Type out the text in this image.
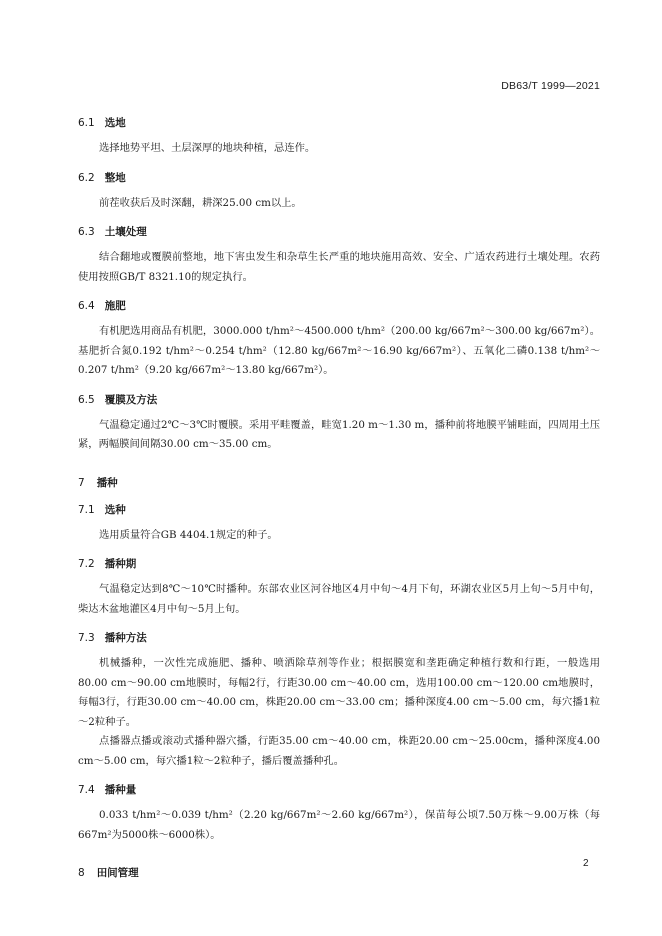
DB63/T 1999—2021
6.1 选地

选择地势平坦、土层深厚的地块种植，忌连作。

6.2 整地

前茬收获后及时深翻，耕深25.00 cm以上。

6.3 土壤处理

结合翻地或覆膜前整地，地下害虫发生和杂草生长严重的地块施用高效、安全、广适农药进行土壤处理。农药使用按照GB/T 8321.10的规定执行。

6.4 施肥

有机肥选用商品有机肥，3000.000 t/hm²～4500.000 t/hm²（200.00 kg/667m²～300.00 kg/667m²）。基肥折合氮0.192 t/hm²～0.254 t/hm²（12.80 kg/667m²～16.90 kg/667m²）、五氧化二磷0.138 t/hm²～0.207 t/hm²（9.20 kg/667m²～13.80 kg/667m²）。

6.5 覆膜及方法

气温稳定通过2℃～3℃时覆膜。采用平畦覆盖，畦宽1.20 m～1.30 m，播种前将地膜平铺畦面，四周用土压紧，两幅膜间间隔30.00 cm～35.00 cm。

7 播种
7.1 选种

选用质量符合GB 4404.1规定的种子。

7.2 播种期

气温稳定达到8℃～10℃时播种。东部农业区河谷地区4月中旬～4月下旬，环湖农业区5月上旬～5月中旬，柴达木盆地灌区4月中旬～5月上旬。

7.3 播种方法

机械播种，一次性完成施肥、播种、喷洒除草剂等作业；根据膜宽和垄距确定种植行数和行距，一般选用80.00 cm～90.00 cm地膜时，每幅2行，行距30.00 cm～40.00 cm，选用100.00 cm～120.00 cm地膜时，每幅3行，行距30.00 cm～40.00 cm，株距20.00 cm～33.00 cm；播种深度4.00 cm～5.00 cm，每穴播1粒～2粒种子。

点播器点播或滚动式播种器穴播，行距35.00 cm～40.00 cm，株距20.00 cm～25.00cm，播种深度4.00 cm～5.00 cm，每穴播1粒～2粒种子，播后覆盖播种孔。

7.4 播种量

0.033 t/hm²～0.039 t/hm²（2.20 kg/667m²～2.60 kg/667m²），保苗每公顷7.50万株～9.00万株（每667m²为5000株～6000株）。

8 田间管理
2
